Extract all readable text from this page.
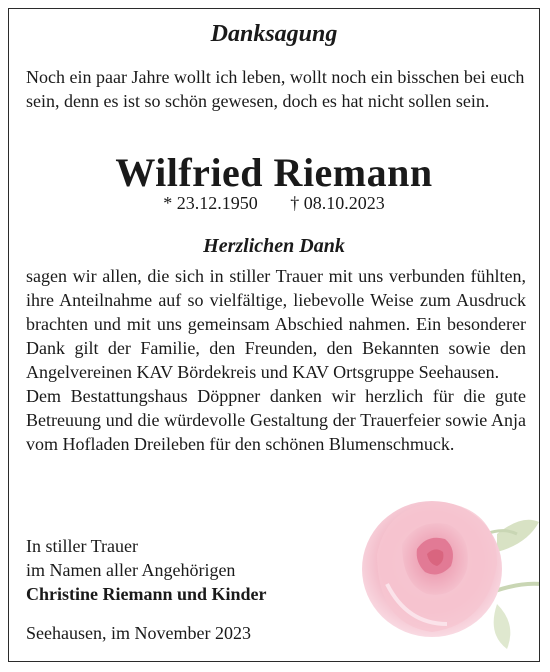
Danksagung
Noch ein paar Jahre wollt ich leben, wollt noch ein bisschen bei euch sein, denn es ist so schön gewesen, doch es hat nicht sollen sein.
Wilfried Riemann
* 23.12.1950 † 08.10.2023
Herzlichen Dank

sagen wir allen, die sich in stiller Trauer mit uns verbunden fühlten, ihre Anteilnahme auf so vielfältige, liebevolle Weise zum Ausdruck brachten und mit uns gemeinsam Abschied nahmen. Ein besonderer Dank gilt der Familie, den Freunden, den Bekannten sowie den Angelvereinen KAV Bördekreis und KAV Ortsgruppe Seehausen.

Dem Bestattungshaus Döppner danken wir herzlich für die gute Betreuung und die würdevolle Gestaltung der Trauerfeier sowie Anja vom Hofladen Dreileben für den schönen Blumenschmuck.

In stiller Trauer
im Namen aller Angehörigen
Christine Riemann und Kinder
Seehausen, im November 2023
